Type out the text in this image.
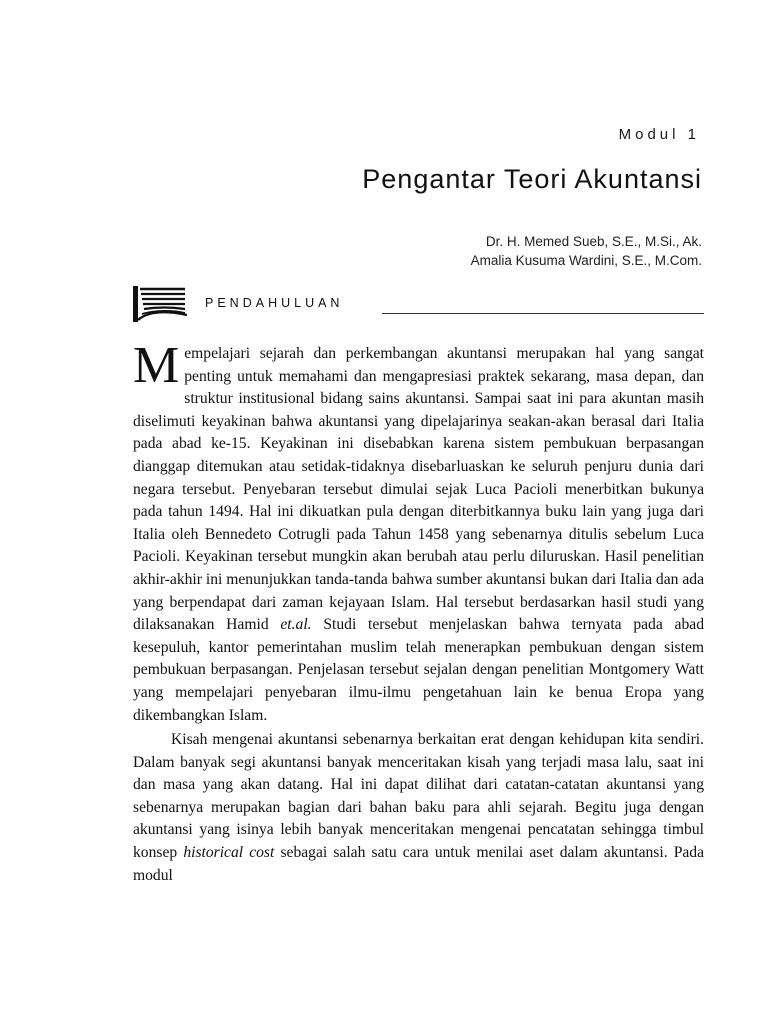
Modul 1
Pengantar Teori Akuntansi
Dr. H. Memed Sueb, S.E., M.Si., Ak.
Amalia Kusuma Wardini, S.E., M.Com.
PENDAHULUAN

Mempelajari sejarah dan perkembangan akuntansi merupakan hal yang sangat penting untuk memahami dan mengapresiasi praktek sekarang, masa depan, dan struktur institusional bidang sains akuntansi. Sampai saat ini para akuntan masih diselimuti keyakinan bahwa akuntansi yang dipelajarinya seakan-akan berasal dari Italia pada abad ke-15. Keyakinan ini disebabkan karena sistem pembukuan berpasangan dianggap ditemukan atau setidak-tidaknya disebarluaskan ke seluruh penjuru dunia dari negara tersebut. Penyebaran tersebut dimulai sejak Luca Pacioli menerbitkan bukunya pada tahun 1494. Hal ini dikuatkan pula dengan diterbitkannya buku lain yang juga dari Italia oleh Bennedeto Cotrugli pada Tahun 1458 yang sebenarnya ditulis sebelum Luca Pacioli. Keyakinan tersebut mungkin akan berubah atau perlu diluruskan. Hasil penelitian akhir-akhir ini menunjukkan tanda-tanda bahwa sumber akuntansi bukan dari Italia dan ada yang berpendapat dari zaman kejayaan Islam. Hal tersebut berdasarkan hasil studi yang dilaksanakan Hamid et.al. Studi tersebut menjelaskan bahwa ternyata pada abad kesepuluh, kantor pemerintahan muslim telah menerapkan pembukuan dengan sistem pembukuan berpasangan. Penjelasan tersebut sejalan dengan penelitian Montgomery Watt yang mempelajari penyebaran ilmu-ilmu pengetahuan lain ke benua Eropa yang dikembangkan Islam.

Kisah mengenai akuntansi sebenarnya berkaitan erat dengan kehidupan kita sendiri. Dalam banyak segi akuntansi banyak menceritakan kisah yang terjadi masa lalu, saat ini dan masa yang akan datang. Hal ini dapat dilihat dari catatan-catatan akuntansi yang sebenarnya merupakan bagian dari bahan baku para ahli sejarah. Begitu juga dengan akuntansi yang isinya lebih banyak menceritakan mengenai pencatatan sehingga timbul konsep historical cost sebagai salah satu cara untuk menilai aset dalam akuntansi. Pada modul
